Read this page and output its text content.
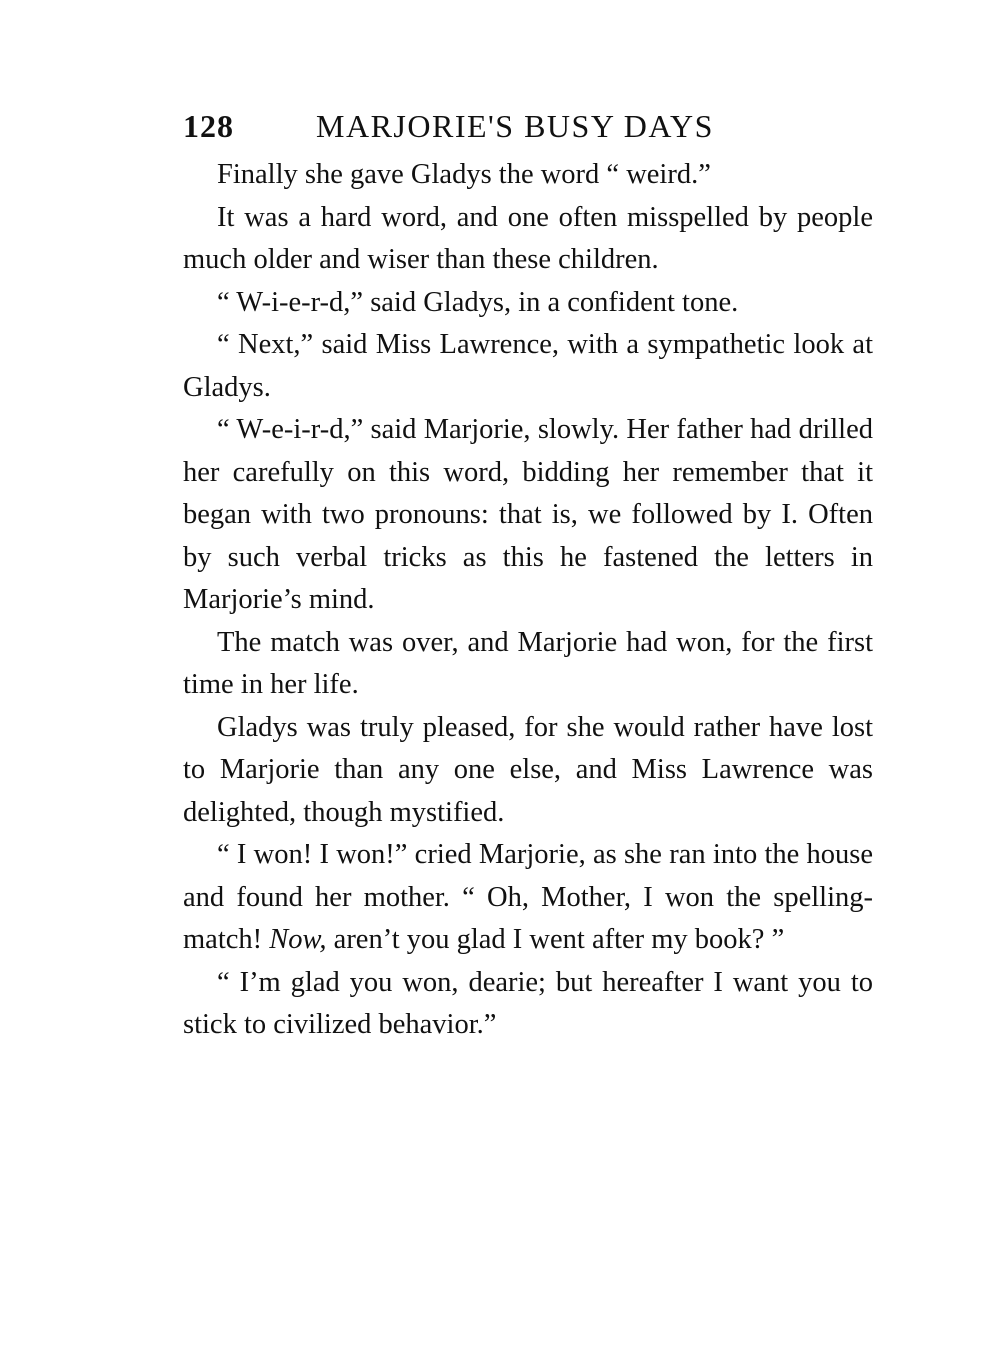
128	MARJORIE'S BUSY DAYS

Finally she gave Gladys the word “ weird.”

It was a hard word, and one often misspelled by people much older and wiser than these children.

“ W-i-e-r-d,” said Gladys, in a confident tone.

“ Next,” said Miss Lawrence, with a sympathetic look at Gladys.

“ W-e-i-r-d,” said Marjorie, slowly. Her father had drilled her carefully on this word, bidding her remember that it began with two pronouns: that is, we followed by I. Often by such verbal tricks as this he fastened the letters in Marjorie’s mind.

The match was over, and Marjorie had won, for the first time in her life.

Gladys was truly pleased, for she would rather have lost to Marjorie than any one else, and Miss Lawrence was delighted, though mystified.

“ I won! I won!” cried Marjorie, as she ran into the house and found her mother. “ Oh, Mother, I won the spelling-match! Now, aren’t you glad I went after my book? ”

“ I’m glad you won, dearie; but hereafter I want you to stick to civilized behavior.”
